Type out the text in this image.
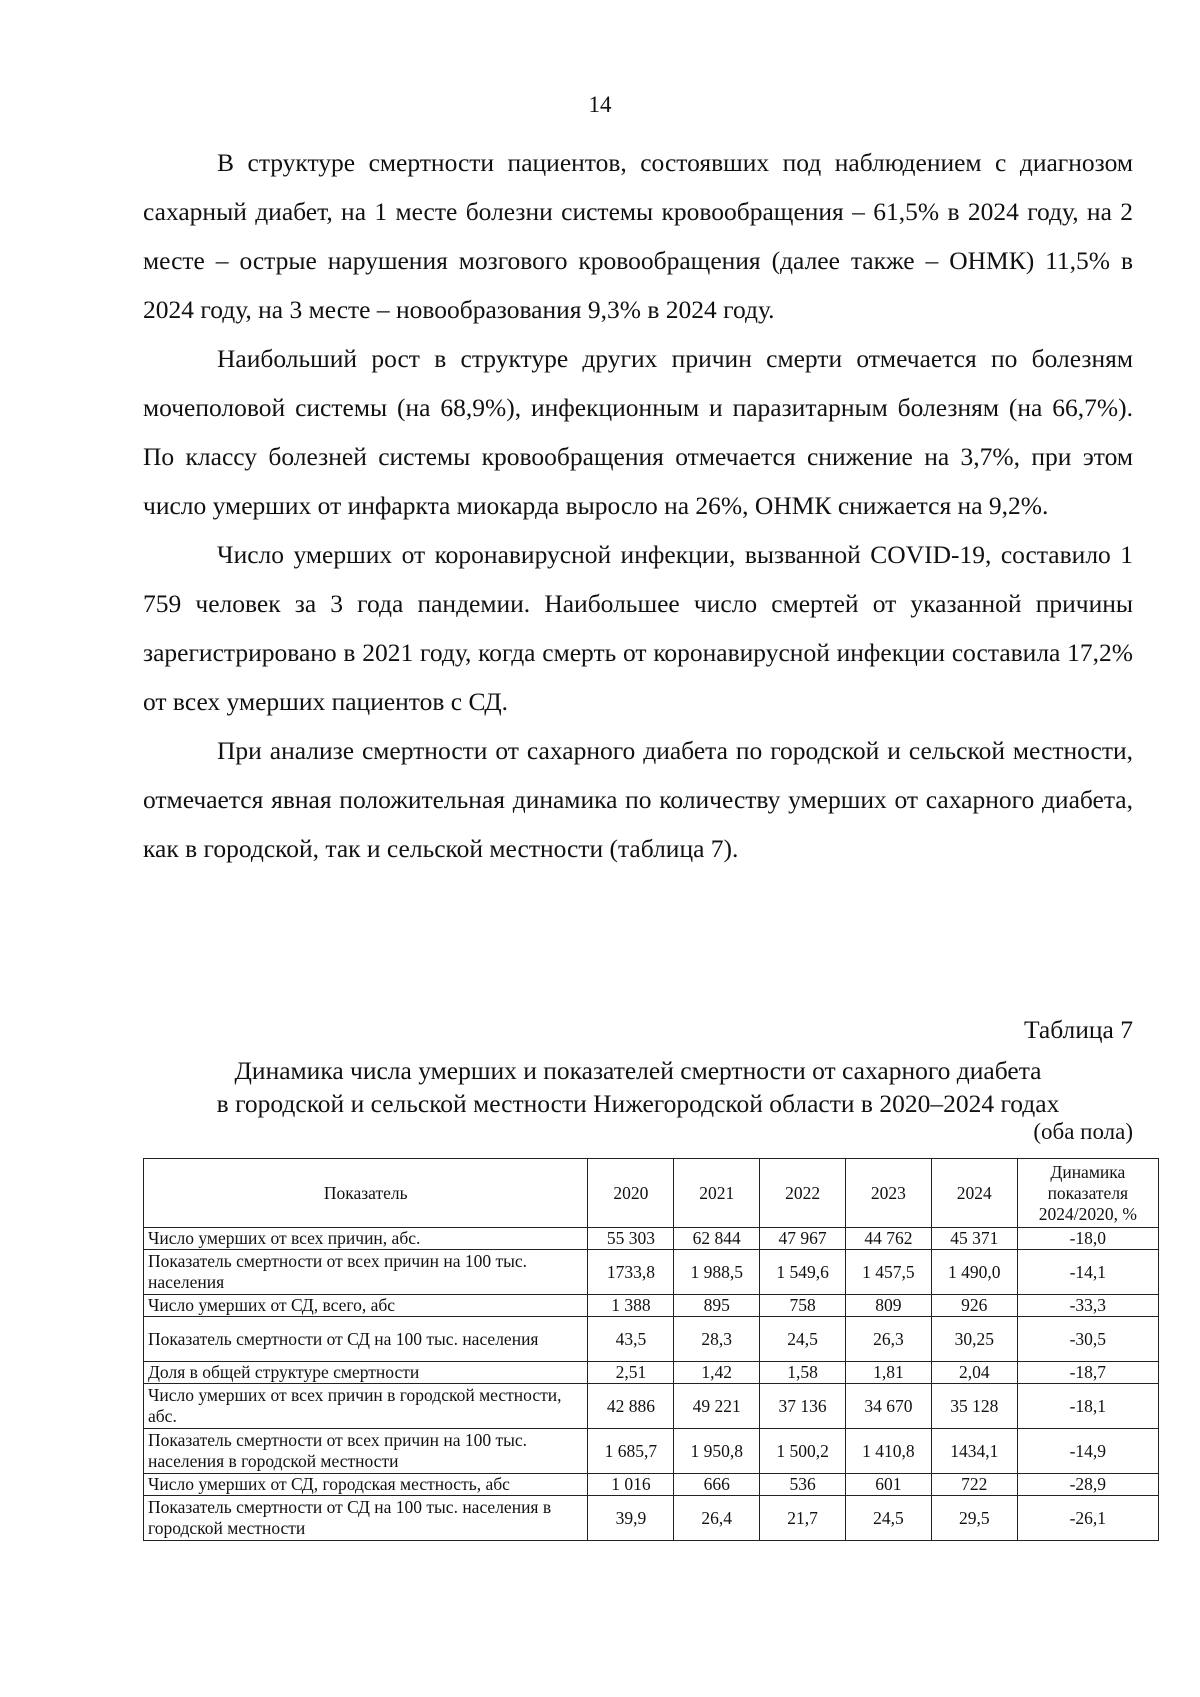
14

В структуре смертности пациентов, состоявших под наблюдением с диагнозом сахарный диабет, на 1 месте болезни системы кровообращения – 61,5% в 2024 году, на 2 месте – острые нарушения мозгового кровообращения (далее также – ОНМК) 11,5% в 2024 году, на 3 месте – новообразования 9,3% в 2024 году.

Наибольший рост в структуре других причин смерти отмечается по болезням мочеполовой системы (на 68,9%), инфекционным и паразитарным болезням (на 66,7%). По классу болезней системы кровообращения отмечается снижение на 3,7%, при этом число умерших от инфаркта миокарда выросло на 26%, ОНМК снижается на 9,2%.

Число умерших от коронавирусной инфекции, вызванной COVID-19, составило 1 759 человек за 3 года пандемии. Наибольшее число смертей от указанной причины зарегистрировано в 2021 году, когда смерть от коронавирусной инфекции составила 17,2% от всех умерших пациентов с СД.

При анализе смертности от сахарного диабета по городской и сельской местности, отмечается явная положительная динамика по количеству умерших от сахарного диабета, как в городской, так и сельской местности (таблица 7).

Таблица 7
Динамика числа умерших и показателей смертности от сахарного диабета
в городской и сельской местности Нижегородской области в 2020–2024 годах
(оба пола)
Показатель	2020	2021	2022	2023	2024	Динамика показателя 2024/2020, %
Число умерших от всех причин, абс.	55 303	62 844	47 967	44 762	45 371	-18,0
Показатель смертности от всех причин на 100 тыс. населения	1733,8	1 988,5	1 549,6	1 457,5	1 490,0	-14,1
Число умерших от СД, всего, абс	1 388	895	758	809	926	-33,3
Показатель смертности от СД на 100 тыс. населения	43,5	28,3	24,5	26,3	30,25	-30,5
Доля в общей структуре смертности	2,51	1,42	1,58	1,81	2,04	-18,7
Число умерших от всех причин в городской местности, абс.	42 886	49 221	37 136	34 670	35 128	-18,1
Показатель смертности от всех причин на 100 тыс. населения в городской местности	1 685,7	1 950,8	1 500,2	1 410,8	1434,1	-14,9
Число умерших от СД, городская местность, абс	1 016	666	536	601	722	-28,9
Показатель смертности от СД на 100 тыс. населения в городской местности	39,9	26,4	21,7	24,5	29,5	-26,1
